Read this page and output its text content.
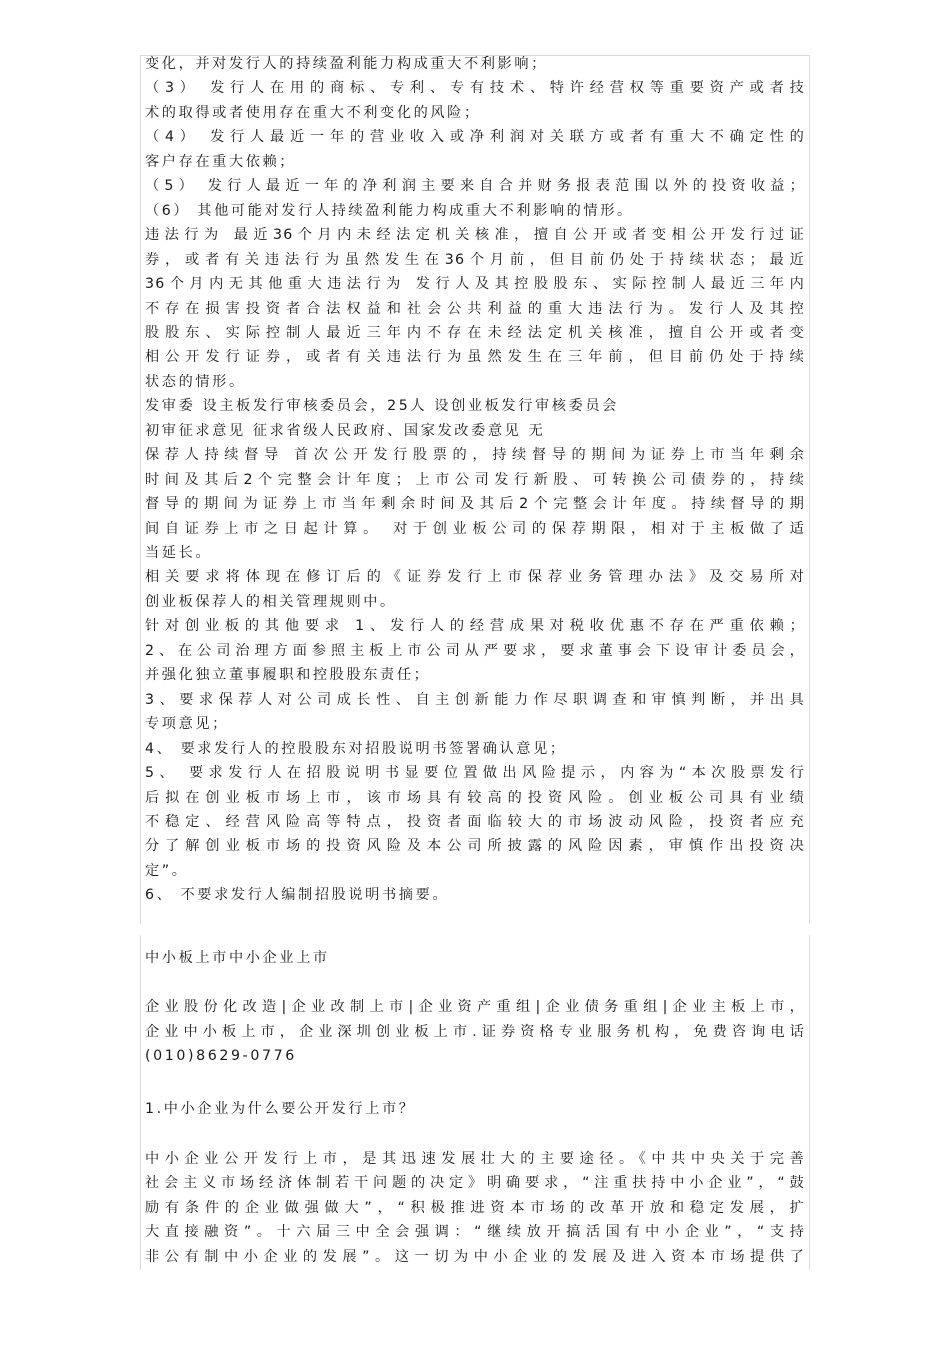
变化，并对发行人的持续盈利能力构成重大不利影响；
（3） 发行人在用的商标、专利、专有技术、特许经营权等重要资产或者技
术的取得或者使用存在重大不利变化的风险；
（4） 发行人最近一年的营业收入或净利润对关联方或者有重大不确定性的
客户存在重大依赖；
（5） 发行人最近一年的净利润主要来自合并财务报表范围以外的投资收益；
（6） 其他可能对发行人持续盈利能力构成重大不利影响的情形。
违法行为 最近36个月内未经法定机关核准，擅自公开或者变相公开发行过证
券，或者有关违法行为虽然发生在36个月前，但目前仍处于持续状态；最近
36个月内无其他重大违法行为 发行人及其控股股东、实际控制人最近三年内
不存在损害投资者合法权益和社会公共利益的重大违法行为。发行人及其控
股股东、实际控制人最近三年内不存在未经法定机关核准，擅自公开或者变
相公开发行证券，或者有关违法行为虽然发生在三年前，但目前仍处于持续
状态的情形。
发审委 设主板发行审核委员会，25人 设创业板发行审核委员会
初审征求意见 征求省级人民政府、国家发改委意见 无
保荐人持续督导 首次公开发行股票的，持续督导的期间为证券上市当年剩余
时间及其后2个完整会计年度；上市公司发行新股、可转换公司债券的，持续
督导的期间为证券上市当年剩余时间及其后2个完整会计年度。持续督导的期
间自证券上市之日起计算。 对于创业板公司的保荐期限，相对于主板做了适
当延长。
相关要求将体现在修订后的《证券发行上市保荐业务管理办法》及交易所对
创业板保荐人的相关管理规则中。
针对创业板的其他要求 1、发行人的经营成果对税收优惠不存在严重依赖；
2、在公司治理方面参照主板上市公司从严要求，要求董事会下设审计委员会，
并强化独立董事履职和控股股东责任；
3、要求保荐人对公司成长性、自主创新能力作尽职调查和审慎判断，并出具
专项意见；
4、 要求发行人的控股股东对招股说明书签署确认意见；
5、 要求发行人在招股说明书显要位置做出风险提示，内容为“本次股票发行
后拟在创业板市场上市，该市场具有较高的投资风险。创业板公司具有业绩
不稳定、经营风险高等特点，投资者面临较大的市场波动风险，投资者应充
分了解创业板市场的投资风险及本公司所披露的风险因素，审慎作出投资决
定”。
6、 不要求发行人编制招股说明书摘要。
中小板上市中小企业上市
企业股份化改造|企业改制上市|企业资产重组|企业债务重组|企业主板上市，
企业中小板上市，企业深圳创业板上市.证券资格专业服务机构，免费咨询电话
(010)8629-0776
1.中小企业为什么要公开发行上市？
中小企业公开发行上市，是其迅速发展壮大的主要途径。《中共中央关于完善
社会主义市场经济体制若干问题的决定》明确要求，“注重扶持中小企业”，“鼓
励有条件的企业做强做大”，“积极推进资本市场的改革开放和稳定发展，扩
大直接融资”。十六届三中全会强调：“继续放开搞活国有中小企业”，“支持
非公有制中小企业的发展”。这一切为中小企业的发展及进入资本市场提供了
